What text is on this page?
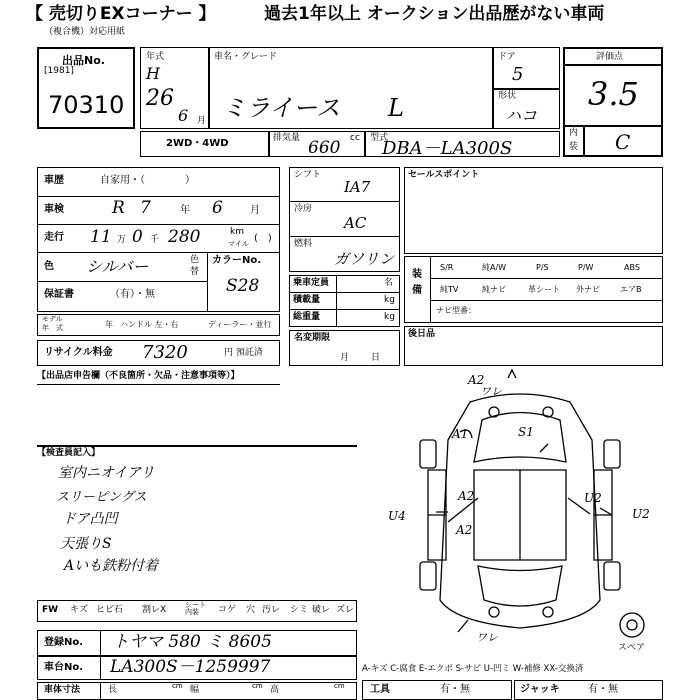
【 売切りEXコーナー 】	過去1年以上 オークション出品歴がない車両
（複合機）対応用紙
出品No.
[1981]
70310
年式
H
26
6 月
車名・グレード
ミライース L
ドア
5
形状
ハコ
評価点
3.5
内
装 C
2WD・4WD	排気量	cc
660	型式
DBA－LA300S
車歴	自家用・（　　　　）
車検	R 7	年 6	月
走行 11 万 0 千 280	km
マイル (　)
色 シルバー	色
替
カラーNo.
S28
保証書	（有）・無
モデル
年　式	年 ハンドル 左・右	ディーラー・並行
リサイクル料金 7320	円 預託済
シフト
IA7
冷房
AC
燃料
ガソリン
乗車定員	名
積載量	kg
総重量	kg
名変期限
月日
セールスポイント
装
備
S/R	純A/W	P/S	P/W	ABS
純TV	純ナビ	革シート 外ナビ	エアB
ナビ型番：
後日品
【出品店申告欄（不良箇所・欠品・注意事項等）】
【検査員記入】
室内ニオイアリ
スリーピングス
ドア凸凹
天張りS
Aいも鉄粉付着
A2
ワレ
A1	S1
U4
A2
A2
U2
U2
ワレ
スペア
FW キズ ヒビ石 割レX	シート内装	コゲ 穴 汚レ シミ 破レ ズレ
登録No. トヤマ 580 ミ 8605
車台No. LA300S－1259997
車体寸法	長	cm 幅	cm 高	cm
A-キズ C-腐食 E-エクボ S-サビ U-凹ミ W-補修 XX-交換済
工具	有・無	ジャッキ	有・無
